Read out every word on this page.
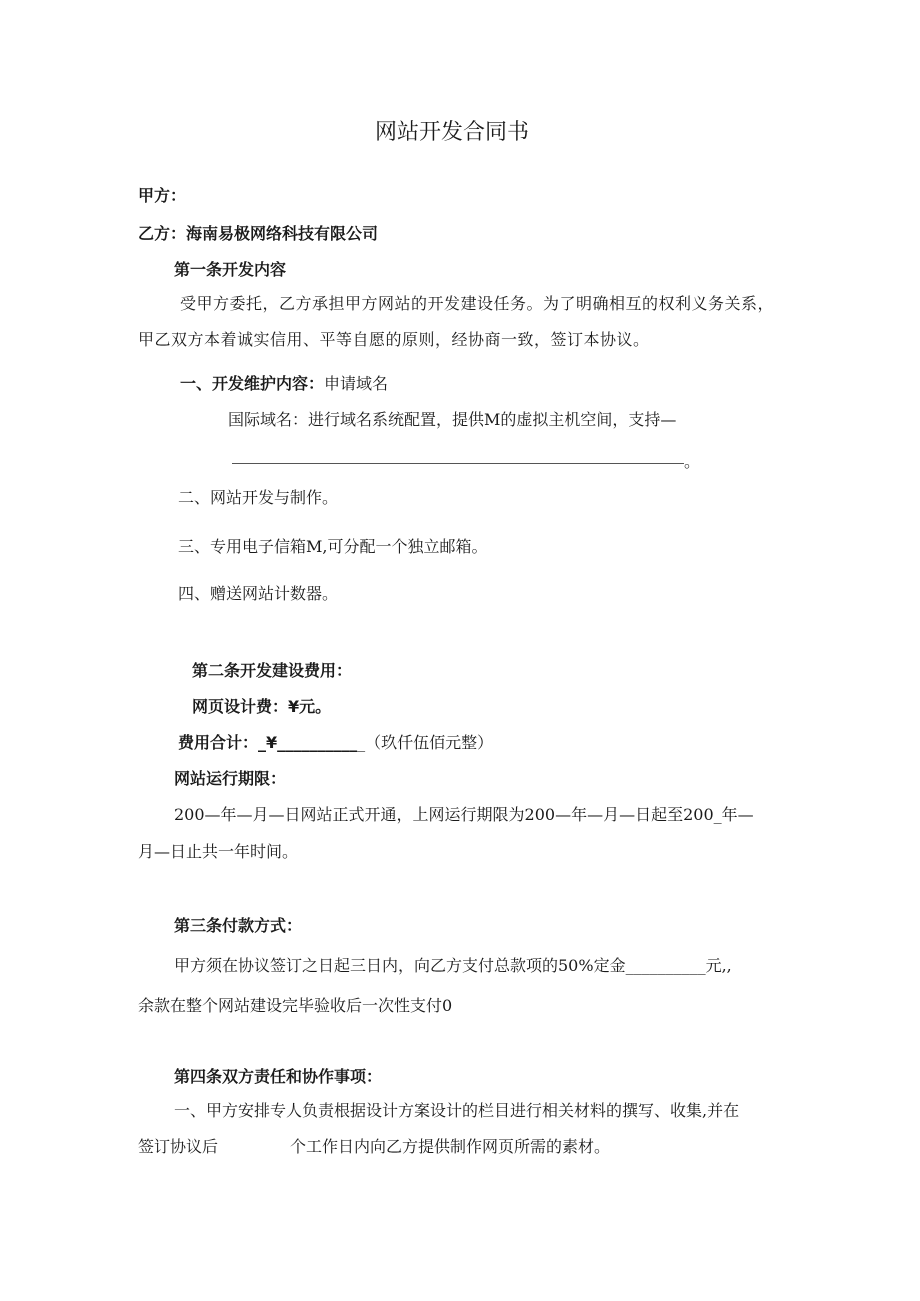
网站开发合同书
甲方：
乙方：海南易极网络科技有限公司
第一条开发内容
受甲方委托，乙方承担甲方网站的开发建设任务。为了明确相互的权利义务关系，
甲乙双方本着诚实信用、平等自愿的原则，经协商一致，签订本协议。
一、开发维护内容：申请域名
国际域名：进行域名系统配置，提供M的虚拟主机空间，支持—
。
二、网站开发与制作。
三、专用电子信箱M,可分配一个独立邮箱。
四、赠送网站计数器。
第二条开发建设费用：
网页设计费：¥元。
费用合计：_¥___________（玖仟伍佰元整）
网站运行期限：
200—年—月—日网站正式开通，上网运行期限为200—年—月—日起至200_年—
月—日止共一年时间。
第三条付款方式：
甲方须在协议签订之日起三日内，向乙方支付总款项的50%定金__________元,,
余款在整个网站建设完毕验收后一次性支付0
第四条双方责任和协作事项：
一、甲方安排专人负责根据设计方案设计的栏目进行相关材料的撰写、收集,并在
签订协议后	个工作日内向乙方提供制作网页所需的素材。
